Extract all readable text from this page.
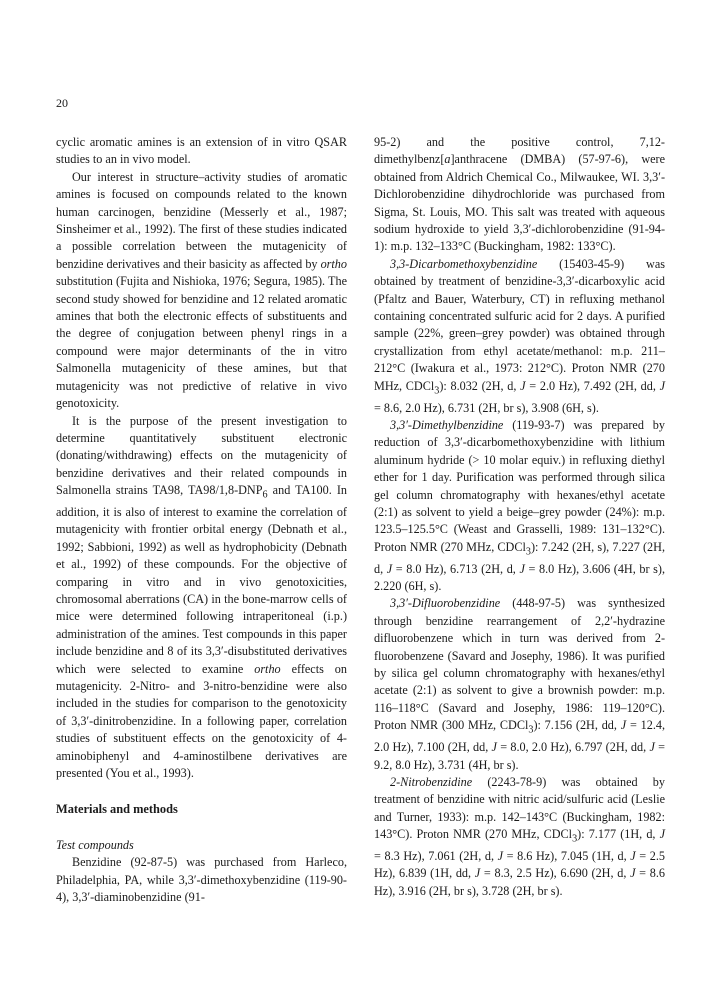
20

cyclic aromatic amines is an extension of in vitro QSAR studies to an in vivo model.

Our interest in structure–activity studies of aromatic amines is focused on compounds related to the known human carcinogen, benzidine (Messerly et al., 1987; Sinsheimer et al., 1992). The first of these studies indicated a possible correlation between the mutagenicity of benzidine derivatives and their basicity as affected by ortho substitution (Fujita and Nishioka, 1976; Segura, 1985). The second study showed for benzidine and 12 related aromatic amines that both the electronic effects of substituents and the degree of conjugation between phenyl rings in a compound were major determinants of the in vitro Salmonella mutagenicity of these amines, but that mutagenicity was not predictive of relative in vivo genotoxicity.

It is the purpose of the present investigation to determine quantitatively substituent electronic (donating/withdrawing) effects on the mutagenicity of benzidine derivatives and their related compounds in Salmonella strains TA98, $TA98/1,8-DNP_6$ and TA100. In addition, it is also of interest to examine the correlation of mutagenicity with frontier orbital energy (Debnath et al., 1992; Sabbioni, 1992) as well as hydrophobicity (Debnath et al., 1992) of these compounds. For the objective of comparing in vitro and in vivo genotoxicities, chromosomal aberrations (CA) in the bone-marrow cells of mice were determined following intraperitoneal (i.p.) administration of the amines. Test compounds in this paper include benzidine and 8 of its 3,3′-disubstituted derivatives which were selected to examine ortho effects on mutagenicity. 2-Nitro- and 3-nitro-benzidine were also included in the studies for comparison to the genotoxicity of 3,3′-dinitrobenzidine. In a following paper, correlation studies of substituent effects on the genotoxicity of 4-aminobiphenyl and 4-aminostilbene derivatives are presented (You et al., 1993).

Materials and methods

Test compounds

Benzidine (92-87-5) was purchased from Harleco, Philadelphia, PA, while 3,3′-dimethoxybenzidine (119-90-4), 3,3′-diaminobenzidine (91-

95-2) and the positive control, 7,12-dimethylbenz[a]anthracene (DMBA) (57-97-6), were obtained from Aldrich Chemical Co., Milwaukee, WI. 3,3′-Dichlorobenzidine dihydrochloride was purchased from Sigma, St. Louis, MO. This salt was treated with aqueous sodium hydroxide to yield 3,3′-dichlorobenzidine (91-94-1): m.p. 132–133°C (Buckingham, 1982: 133°C).

3,3-Dicarbomethoxybenzidine (15403-45-9) was obtained by treatment of benzidine-3,3′-dicarboxylic acid (Pfaltz and Bauer, Waterbury, CT) in refluxing methanol containing concentrated sulfuric acid for 2 days. A purified sample (22%, green–grey powder) was obtained through crystallization from ethyl acetate/methanol: m.p. 211–212°C (Iwakura et al., 1973: 212°C). Proton NMR (270 MHz, CDCl$_3$): 8.032 (2H, d, J = 2.0 Hz), 7.492 (2H, dd, J = 8.6, 2.0 Hz), 6.731 (2H, br s), 3.908 (6H, s).

3,3′-Dimethylbenzidine (119-93-7) was prepared by reduction of 3,3′-dicarbomethoxybenzidine with lithium aluminum hydride (> 10 molar equiv.) in refluxing diethyl ether for 1 day. Purification was performed through silica gel column chromatography with hexanes/ethyl acetate (2:1) as solvent to yield a beige–grey powder (24%): m.p. 123.5–125.5°C (Weast and Grasselli, 1989: 131–132°C). Proton NMR (270 MHz, CDCl$_3$): 7.242 (2H, s), 7.227 (2H, d, J = 8.0 Hz), 6.713 (2H, d, J = 8.0 Hz), 3.606 (4H, br s), 2.220 (6H, s).

3,3′-Difluorobenzidine (448-97-5) was synthesized through benzidine rearrangement of 2,2′-hydrazine difluorobenzene which in turn was derived from 2-fluorobenzene (Savard and Josephy, 1986). It was purified by silica gel column chromatography with hexanes/ethyl acetate (2:1) as solvent to give a brownish powder: m.p. 116–118°C (Savard and Josephy, 1986: 119–120°C). Proton NMR (300 MHz, CDCl$_3$): 7.156 (2H, dd, J = 12.4, 2.0 Hz), 7.100 (2H, dd, J = 8.0, 2.0 Hz), 6.797 (2H, dd, J = 9.2, 8.0 Hz), 3.731 (4H, br s).

2-Nitrobenzidine (2243-78-9) was obtained by treatment of benzidine with nitric acid/sulfuric acid (Leslie and Turner, 1933): m.p. 142–143°C (Buckingham, 1982: 143°C). Proton NMR (270 MHz, CDCl$_3$): 7.177 (1H, d, J = 8.3 Hz), 7.061 (2H, d, J = 8.6 Hz), 7.045 (1H, d, J = 2.5 Hz), 6.839 (1H, dd, J = 8.3, 2.5 Hz), 6.690 (2H, d, J = 8.6 Hz), 3.916 (2H, br s), 3.728 (2H, br s).
